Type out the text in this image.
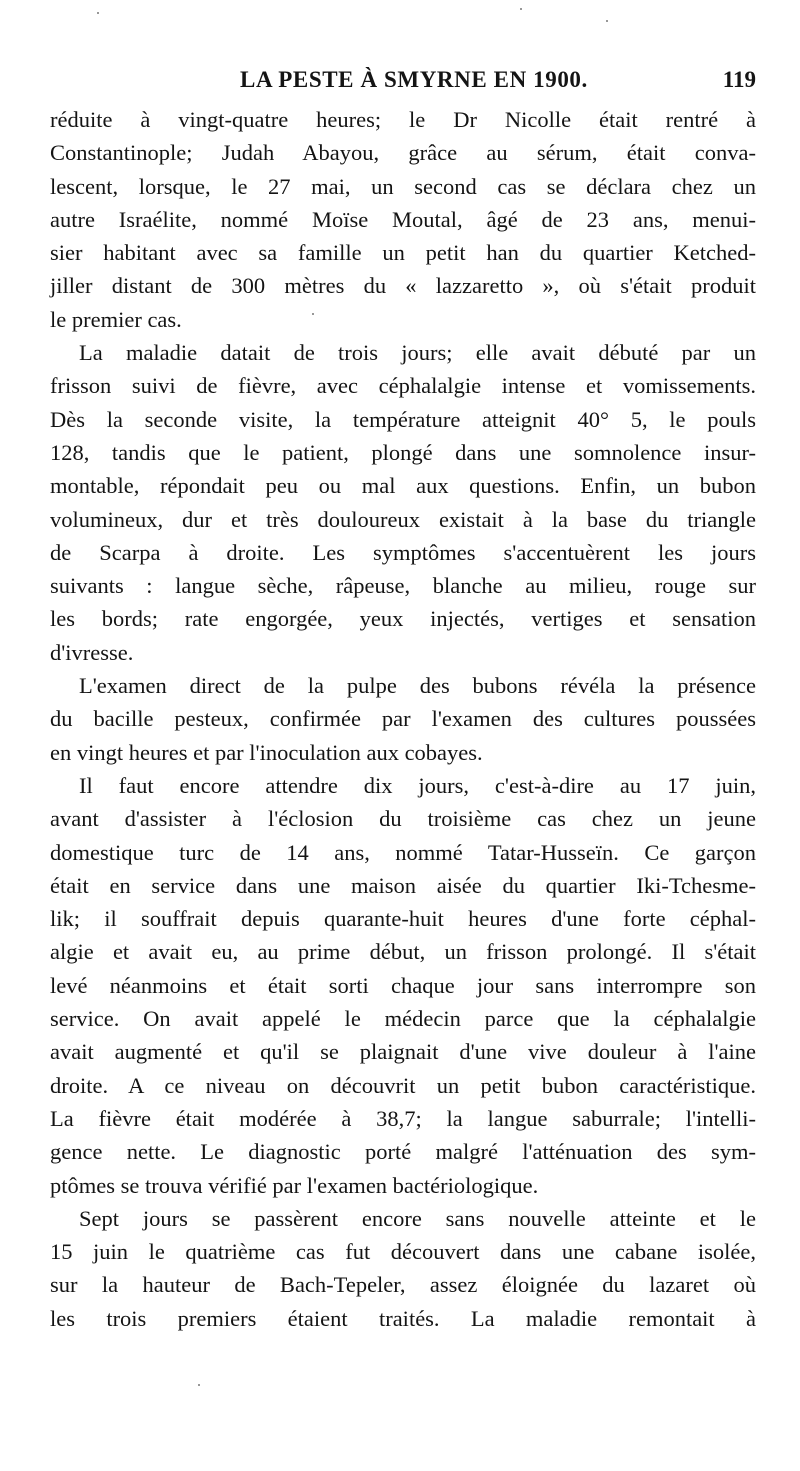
LA PESTE À SMYRNE EN 1900.	119

réduite à vingt-quatre heures; le Dr Nicolle était rentré à
Constantinople; Judah Abayou, grâce au sérum, était conva-
lescent, lorsque, le 27 mai, un second cas se déclara chez un
autre Israélite, nommé Moïse Moutal, âgé de 23 ans, menui-
sier habitant avec sa famille un petit han du quartier Ketched-
jiller distant de 300 mètres du « lazzaretto », où s'était produit
le premier cas.

La maladie datait de trois jours; elle avait débuté par un
frisson suivi de fièvre, avec céphalalgie intense et vomissements.
Dès la seconde visite, la température atteignit 40° 5, le pouls
128, tandis que le patient, plongé dans une somnolence insur-
montable, répondait peu ou mal aux questions. Enfin, un bubon
volumineux, dur et très douloureux existait à la base du triangle
de Scarpa à droite. Les symptômes s'accentuèrent les jours
suivants : langue sèche, râpeuse, blanche au milieu, rouge sur
les bords; rate engorgée, yeux injectés, vertiges et sensation
d'ivresse.

L'examen direct de la pulpe des bubons révéla la présence
du bacille pesteux, confirmée par l'examen des cultures poussées
en vingt heures et par l'inoculation aux cobayes.

Il faut encore attendre dix jours, c'est-à-dire au 17 juin,
avant d'assister à l'éclosion du troisième cas chez un jeune
domestique turc de 14 ans, nommé Tatar-Husseïn. Ce garçon
était en service dans une maison aisée du quartier Iki-Tchesme-
lik; il souffrait depuis quarante-huit heures d'une forte céphal-
algie et avait eu, au prime début, un frisson prolongé. Il s'était
levé néanmoins et était sorti chaque jour sans interrompre son
service. On avait appelé le médecin parce que la céphalalgie
avait augmenté et qu'il se plaignait d'une vive douleur à l'aine
droite. A ce niveau on découvrit un petit bubon caractéristique.
La fièvre était modérée à 38,7; la langue saburrale; l'intelli-
gence nette. Le diagnostic porté malgré l'atténuation des sym-
ptômes se trouva vérifié par l'examen bactériologique.

Sept jours se passèrent encore sans nouvelle atteinte et le
15 juin le quatrième cas fut découvert dans une cabane isolée,
sur la hauteur de Bach-Tepeler, assez éloignée du lazaret où
les trois premiers étaient traités. La maladie remontait à
